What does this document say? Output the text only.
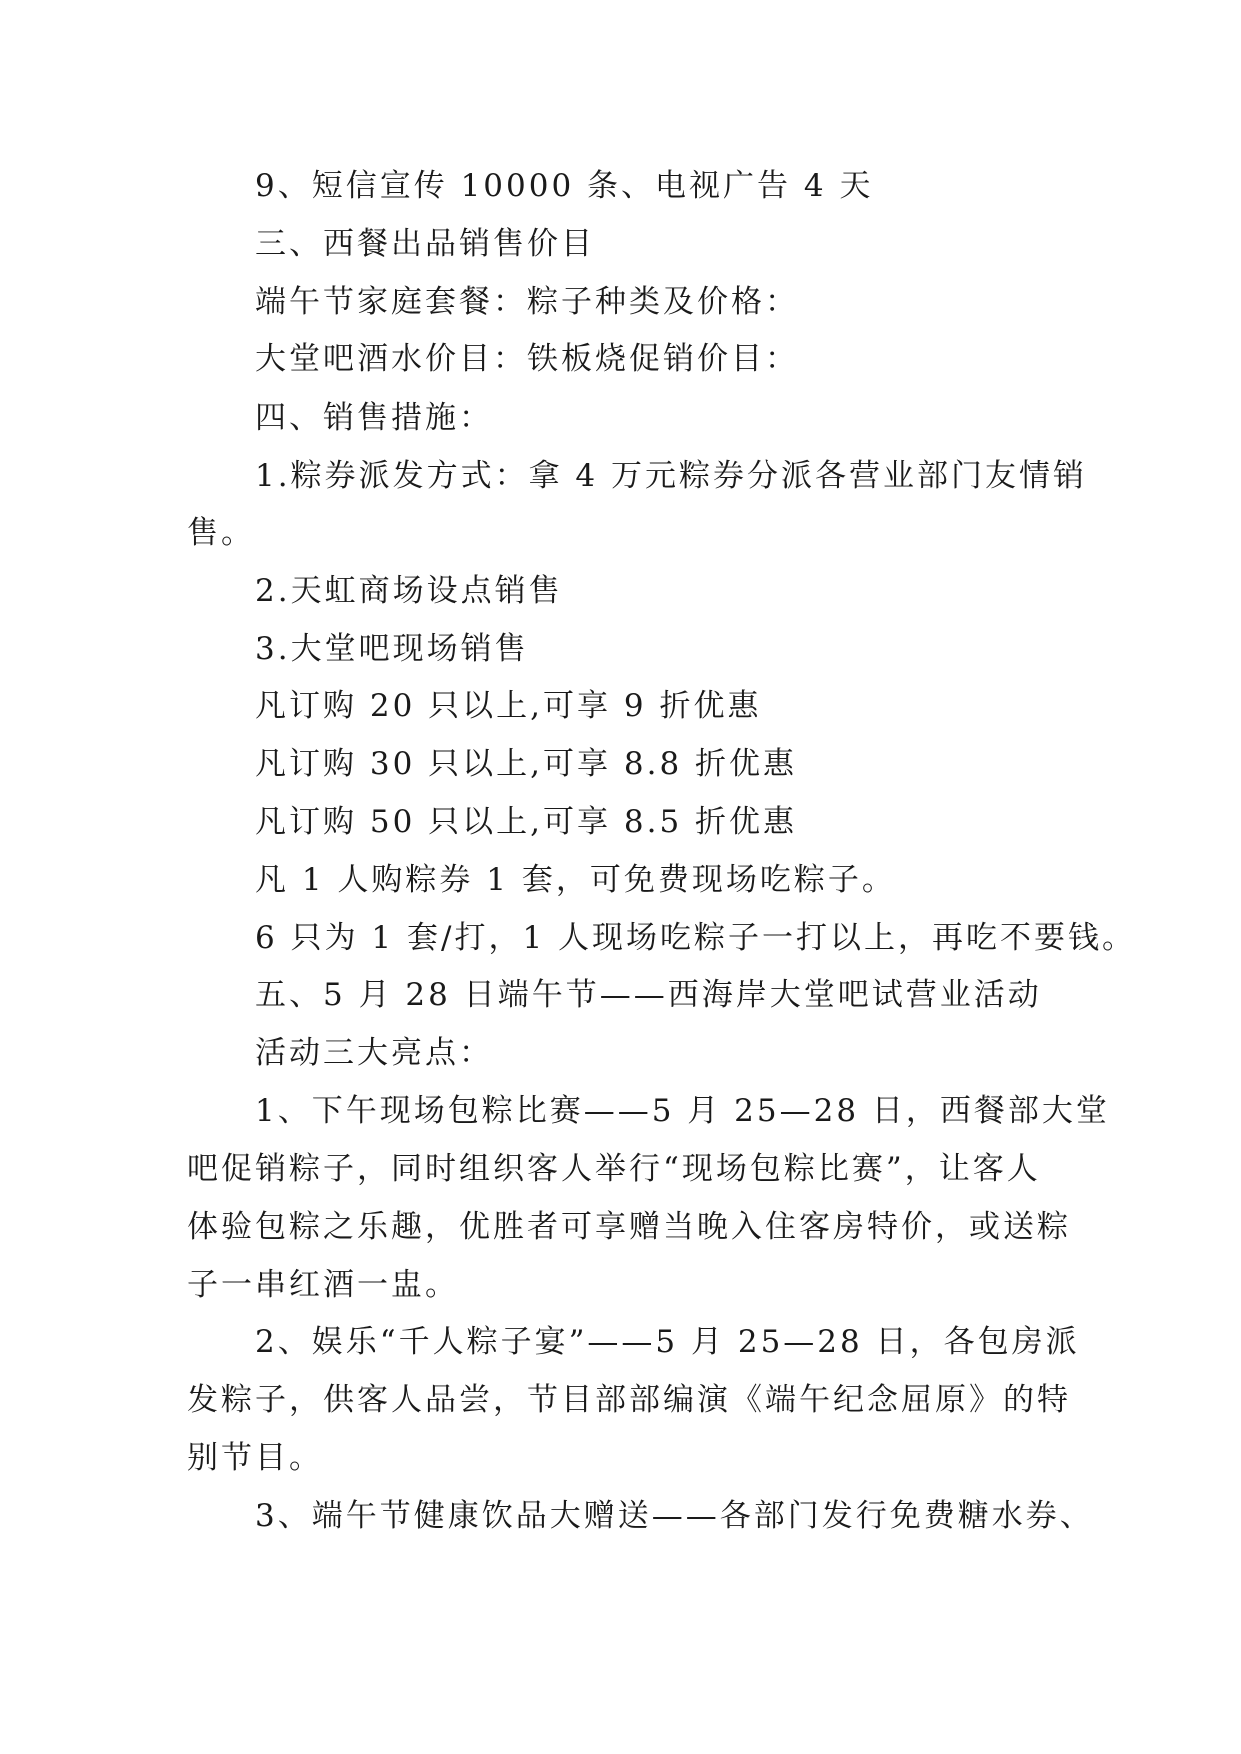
9、短信宣传 10000 条、电视广告 4 天
三、西餐出品销售价目
端午节家庭套餐：粽子种类及价格：
大堂吧酒水价目：铁板烧促销价目：
四、销售措施：
1.粽券派发方式：拿 4 万元粽券分派各营业部门友情销
售。
2.天虹商场设点销售
3.大堂吧现场销售
凡订购 20 只以上,可享 9 折优惠
凡订购 30 只以上,可享 8.8 折优惠
凡订购 50 只以上,可享 8.5 折优惠
凡 1 人购粽券 1 套，可免费现场吃粽子。
6 只为 1 套/打，1 人现场吃粽子一打以上，再吃不要钱。
五、5 月 28 日端午节——西海岸大堂吧试营业活动
活动三大亮点：
1、下午现场包粽比赛——5 月 25—28 日，西餐部大堂
吧促销粽子，同时组织客人举行“现场包粽比赛”，让客人
体验包粽之乐趣，优胜者可享赠当晚入住客房特价，或送粽
子一串红酒一盅。
2、娱乐“千人粽子宴”——5 月 25—28 日，各包房派
发粽子，供客人品尝，节目部部编演《端午纪念屈原》的特
别节目。
3、端午节健康饮品大赠送——各部门发行免费糖水券、
